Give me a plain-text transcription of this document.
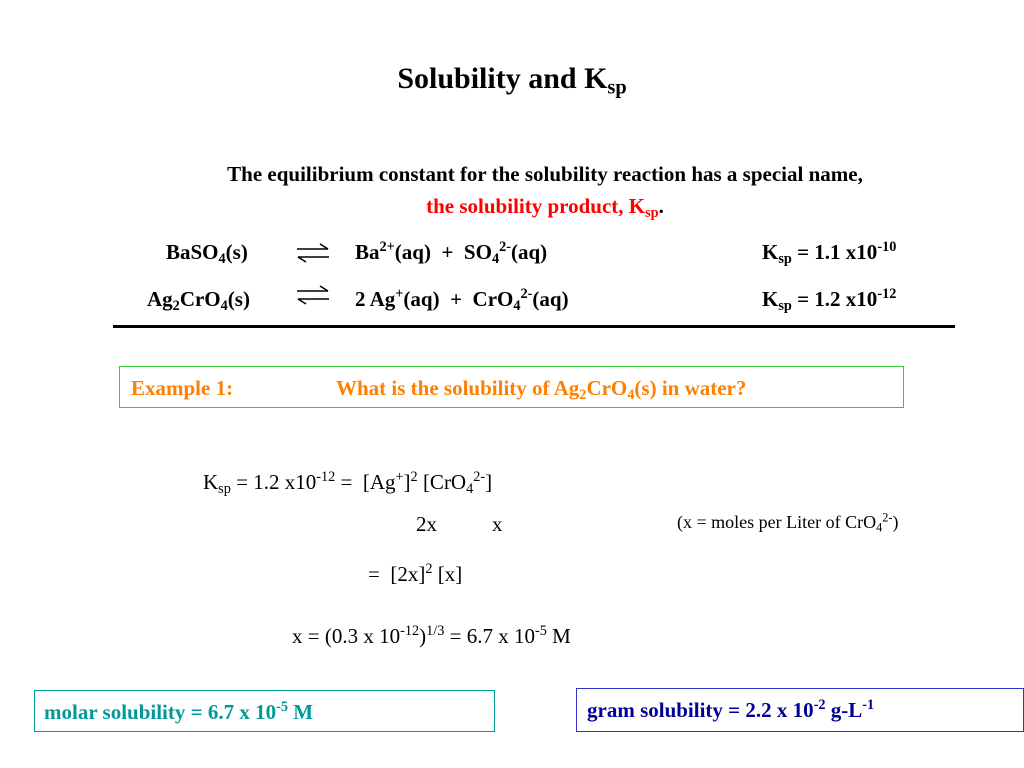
Solubility and $K_{sp}$
The equilibrium constant for the solubility reaction has a special name,
the solubility product, $K_{sp}$.
BaSO$_4$(s)	⇌ $Ba^{2+}(aq) + SO_4^{2-}(aq)$	$K_{sp} = 1.1$ $x10^{-10}$
$Ag_2CrO_4(s)$	⇌ 2 Ag+(aq)  +  CrO$_4^{2-}$(aq)	$K_{sp} = 1.2$ $x10^{-12}$
Example 1:	What is the solubility of $Ag_2CrO_4(s)$ in water?
$K_{sp} = 1.2$ $x10^{-12} = [Ag^+]^2$ [CrO$_4^{2-}$]
2x	x	(x = moles per Liter of CrO$_4^{2-}$)
=  $[2x]^2$ [x]
x = (0.3 x $10^{-12})^{1/3} = 6.7$ x $10^{-5}$ M
molar solubility = 6.7 x $10^{-5}$ M	gram solubility = 2.2 x $10^{-2}$ $g-L^{-1}$
